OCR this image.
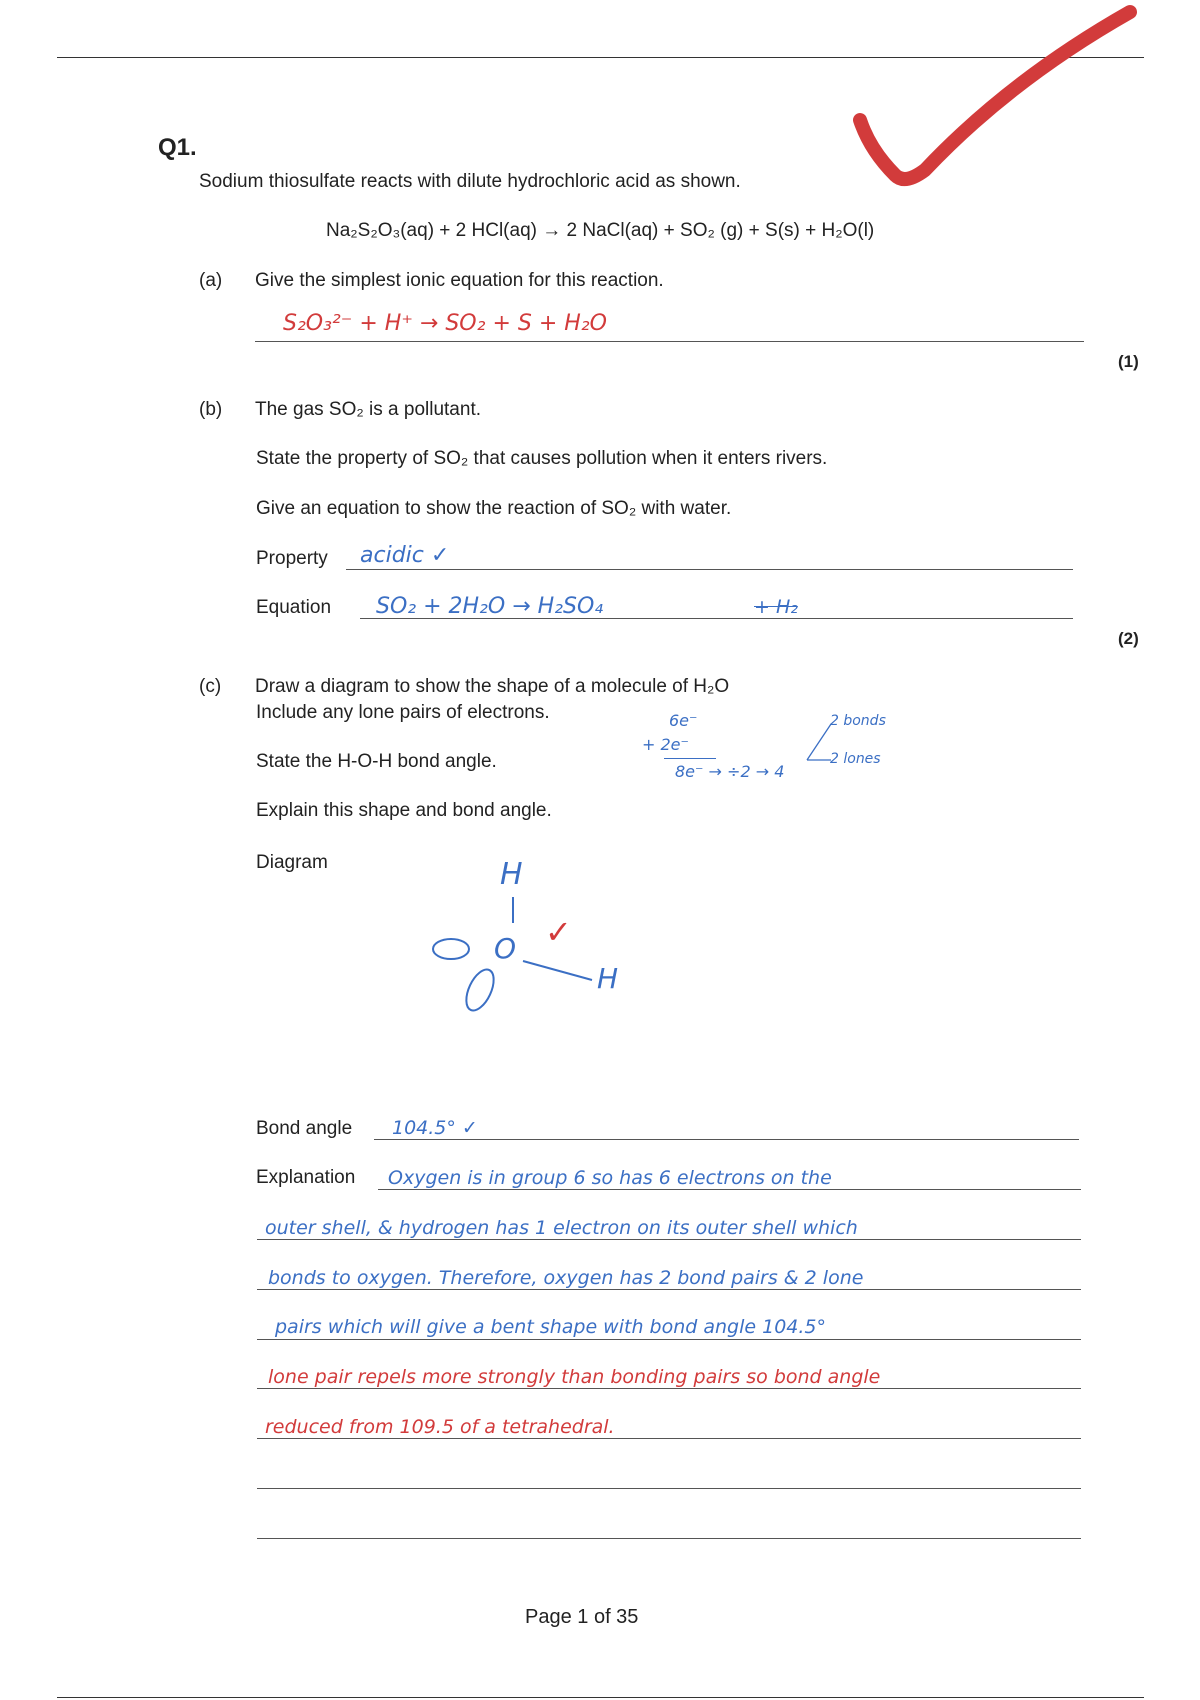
Q1.
Sodium thiosulfate reacts with dilute hydrochloric acid as shown.
Na₂S₂O₃(aq) + 2 HCl(aq) → 2 NaCl(aq) + SO₂ (g) + S(s) + H₂O(l)
(a) Give the simplest ionic equation for this reaction.
S₂O₃²⁻ + H⁺ → SO₂ + S + H₂O
(1)
(b) The gas SO₂ is a pollutant.
State the property of SO₂ that causes pollution when it enters rivers.
Give an equation to show the reaction of SO₂ with water.
Property acidic ✓
Equation SO₂ + 2H₂O → H₂SO₄	+ H₂
(2)
(c) Draw a diagram to show the shape of a molecule of H₂O
Include any lone pairs of electrons.
State the H-O-H bond angle.
Explain this shape and bond angle.
6e⁻
+ 2e⁻
8e⁻ → ÷2 → 4
2 bonds
2 lones
Diagram	H
O
H
✓
Bond angle 104.5° ✓
Explanation Oxygen is in group 6 so has 6 electrons on the
outer shell, & hydrogen has 1 electron on its outer shell which
bonds to oxygen. Therefore, oxygen has 2 bond pairs & 2 lone
pairs which will give a bent shape with bond angle 104.5°
lone pair repels more strongly than bonding pairs so bond angle
reduced from 109.5 of a tetrahedral.
Page 1 of 35
